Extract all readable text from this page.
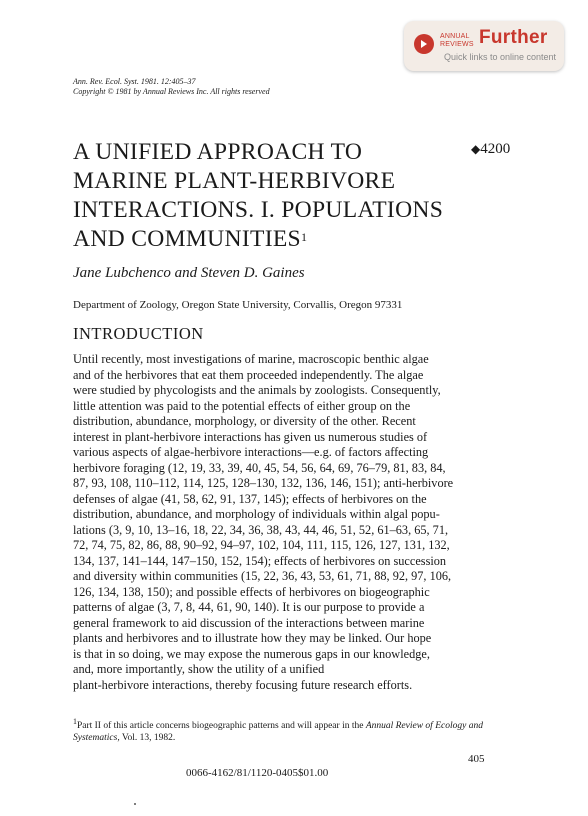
ANNUAL
REVIEWS Further
Quick links to online content
Ann. Rev. Ecol. Syst. 1981. 12:405–37
Copyright © 1981 by Annual Reviews Inc. All rights reserved
A UNIFIED APPROACH TO
MARINE PLANT-HERBIVORE
INTERACTIONS. I. POPULATIONS
AND COMMUNITIES$^1$
◆4200
Jane Lubchenco and Steven D. Gaines
Department of Zoology, Oregon State University, Corvallis, Oregon 97331
INTRODUCTION
Until recently, most investigations of marine, macroscopic benthic algae
and of the herbivores that eat them proceeded independently. The algae
were studied by phycologists and the animals by zoologists. Consequently,
little attention was paid to the potential effects of either group on the
distribution, abundance, morphology, or diversity of the other. Recent
interest in plant-herbivore interactions has given us numerous studies of
various aspects of algae-herbivore interactions—e.g. of factors affecting
herbivore foraging (12, 19, 33, 39, 40, 45, 54, 56, 64, 69, 76–79, 81, 83, 84,
87, 93, 108, 110–112, 114, 125, 128–130, 132, 136, 146, 151); anti-herbivore
defenses of algae (41, 58, 62, 91, 137, 145); effects of herbivores on the
distribution, abundance, and morphology of individuals within algal popu-
lations (3, 9, 10, 13–16, 18, 22, 34, 36, 38, 43, 44, 46, 51, 52, 61–63, 65, 71,
72, 74, 75, 82, 86, 88, 90–92, 94–97, 102, 104, 111, 115, 126, 127, 131, 132,
134, 137, 141–144, 147–150, 152, 154); effects of herbivores on succession
and diversity within communities (15, 22, 36, 43, 53, 61, 71, 88, 92, 97, 106,
126, 134, 138, 150); and possible effects of herbivores on biogeographic
patterns of algae (3, 7, 8, 44, 61, 90, 140). It is our purpose to provide a
general framework to aid discussion of the interactions between marine
plants and herbivores and to illustrate how they may be linked. Our hope
is that in so doing, we may expose the numerous gaps in our knowledge,
and, more importantly, show the utility of a unified
plant-herbivore interactions, thereby focusing future research efforts.
$^1$Part II of this article concerns biogeographic patterns and will appear in the Annual Review of Ecology and Systematics, Vol. 13, 1982.
405
0066-4162/81/1120-0405$01.00
